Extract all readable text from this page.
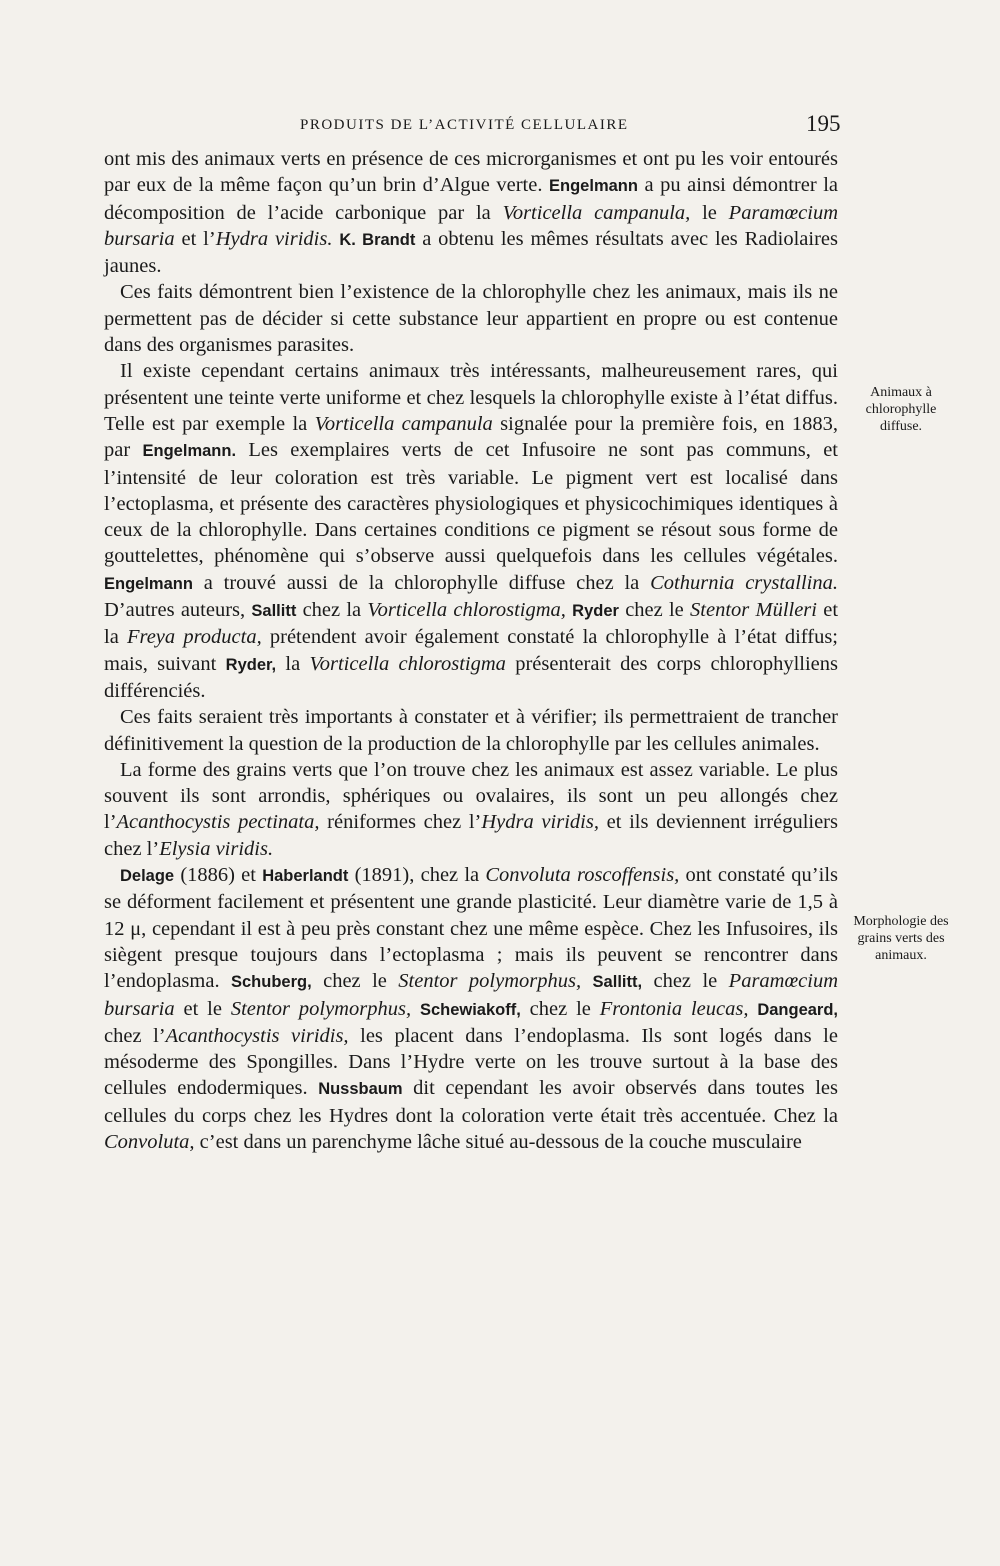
PRODUITS DE L’ACTIVITÉ CELLULAIRE	195

ont mis des animaux verts en présence de ces microrganismes et ont pu les voir entourés par eux de la même façon qu’un brin d’Algue verte. Engelmann a pu ainsi démontrer la décomposition de l’acide carbonique par la Vorticella campanula, le Paramœcium bursaria et l’Hydra viridis. K. Brandt a obtenu les mêmes résultats avec les Radiolaires jaunes.

Ces faits démontrent bien l’existence de la chlorophylle chez les animaux, mais ils ne permettent pas de décider si cette substance leur appartient en propre ou est contenue dans des organismes parasites.

Il existe cependant certains animaux très intéressants, malheureusement rares, qui présentent une teinte verte uniforme et chez lesquels la chlorophylle existe à l’état diffus. Telle est par exemple la Vorticella campanula signalée pour la première fois, en 1883, par Engelmann. Les exemplaires verts de cet Infusoire ne sont pas communs, et l’intensité de leur coloration est très variable. Le pigment vert est localisé dans l’ectoplasma, et présente des caractères physiologiques et physicochimiques identiques à ceux de la chlorophylle. Dans certaines conditions ce pigment se résout sous forme de gouttelettes, phénomène qui s’observe aussi quelquefois dans les cellules végétales. Engelmann a trouvé aussi de la chlorophylle diffuse chez la Cothurnia crystallina. D’autres auteurs, Sallitt chez la Vorticella chlorostigma, Ryder chez le Stentor Mülleri et la Freya producta, prétendent avoir également constaté la chlorophylle à l’état diffus; mais, suivant Ryder, la Vorticella chlorostigma présenterait des corps chlorophylliens différenciés.

Ces faits seraient très importants à constater et à vérifier; ils permettraient de trancher définitivement la question de la production de la chlorophylle par les cellules animales.

La forme des grains verts que l’on trouve chez les animaux est assez variable. Le plus souvent ils sont arrondis, sphériques ou ovalaires, ils sont un peu allongés chez l’Acanthocystis pectinata, réniformes chez l’Hydra viridis, et ils deviennent irréguliers chez l’Elysia viridis.

Delage (1886) et Haberlandt (1891), chez la Convoluta roscoffensis, ont constaté qu’ils se déforment facilement et présentent une grande plasticité. Leur diamètre varie de 1,5 à 12 μ, cependant il est à peu près constant chez une même espèce. Chez les Infusoires, ils siègent presque toujours dans l’ectoplasma ; mais ils peuvent se rencontrer dans l’endoplasma. Schuberg, chez le Stentor polymorphus, Sallitt, chez le Paramœcium bursaria et le Stentor polymorphus, Schewiakoff, chez le Frontonia leucas, Dangeard, chez l’Acanthocystis viridis, les placent dans l’endoplasma. Ils sont logés dans le mésoderme des Spongilles. Dans l’Hydre verte on les trouve surtout à la base des cellules endodermiques. Nussbaum dit cependant les avoir observés dans toutes les cellules du corps chez les Hydres dont la coloration verte était très accentuée. Chez la Convoluta, c’est dans un parenchyme lâche situé au-dessous de la couche musculaire

Animaux à chlorophylle diffuse.
Morphologie des grains verts des animaux.
